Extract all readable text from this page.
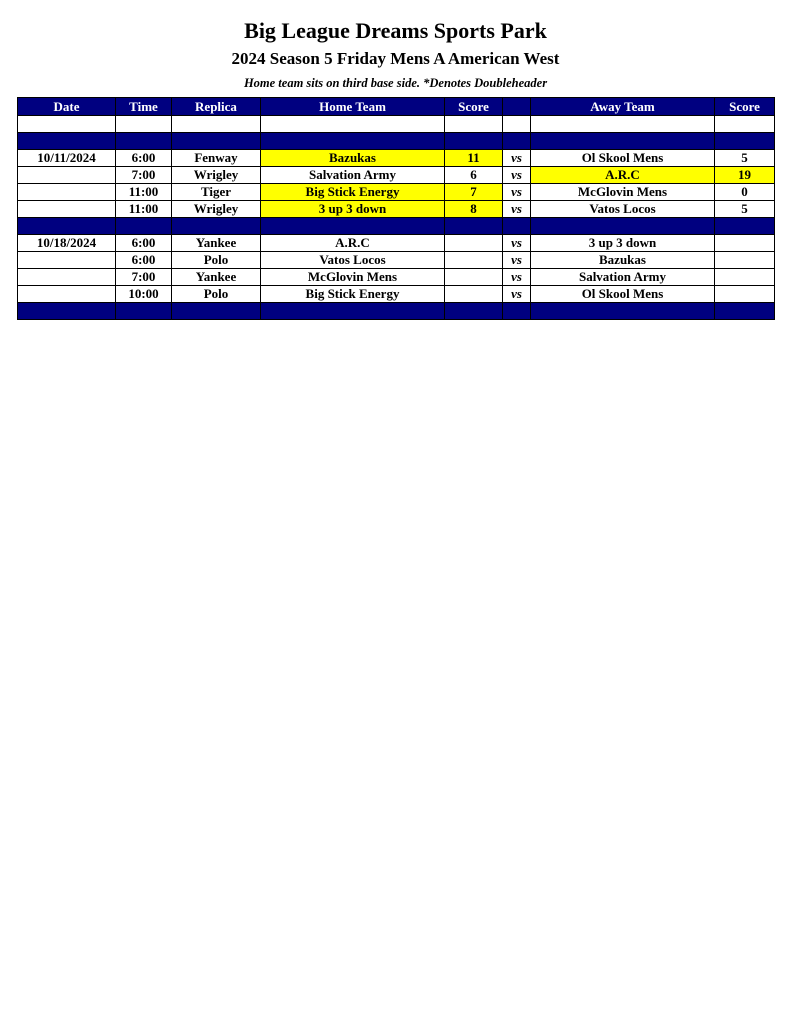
Big League Dreams Sports Park
2024 Season 5 Friday Mens A American West
Home team sits on third base side. *Denotes Doubleheader
Date	Time	Replica	Home Team	Score		Away Team	Score

10/11/2024	6:00	Fenway	Bazukas	11	vs	Ol Skool Mens	5
	7:00	Wrigley	Salvation Army	6	vs	A.R.C	19
	11:00	Tiger	Big Stick Energy	7	vs	McGlovin Mens	0
	11:00	Wrigley	3 up 3 down	8	vs	Vatos Locos	5

10/18/2024	6:00	Yankee	A.R.C		vs	3 up 3 down	
	6:00	Polo	Vatos Locos		vs	Bazukas	
	7:00	Yankee	McGlovin Mens		vs	Salvation Army	
	10:00	Polo	Big Stick Energy		vs	Ol Skool Mens	
